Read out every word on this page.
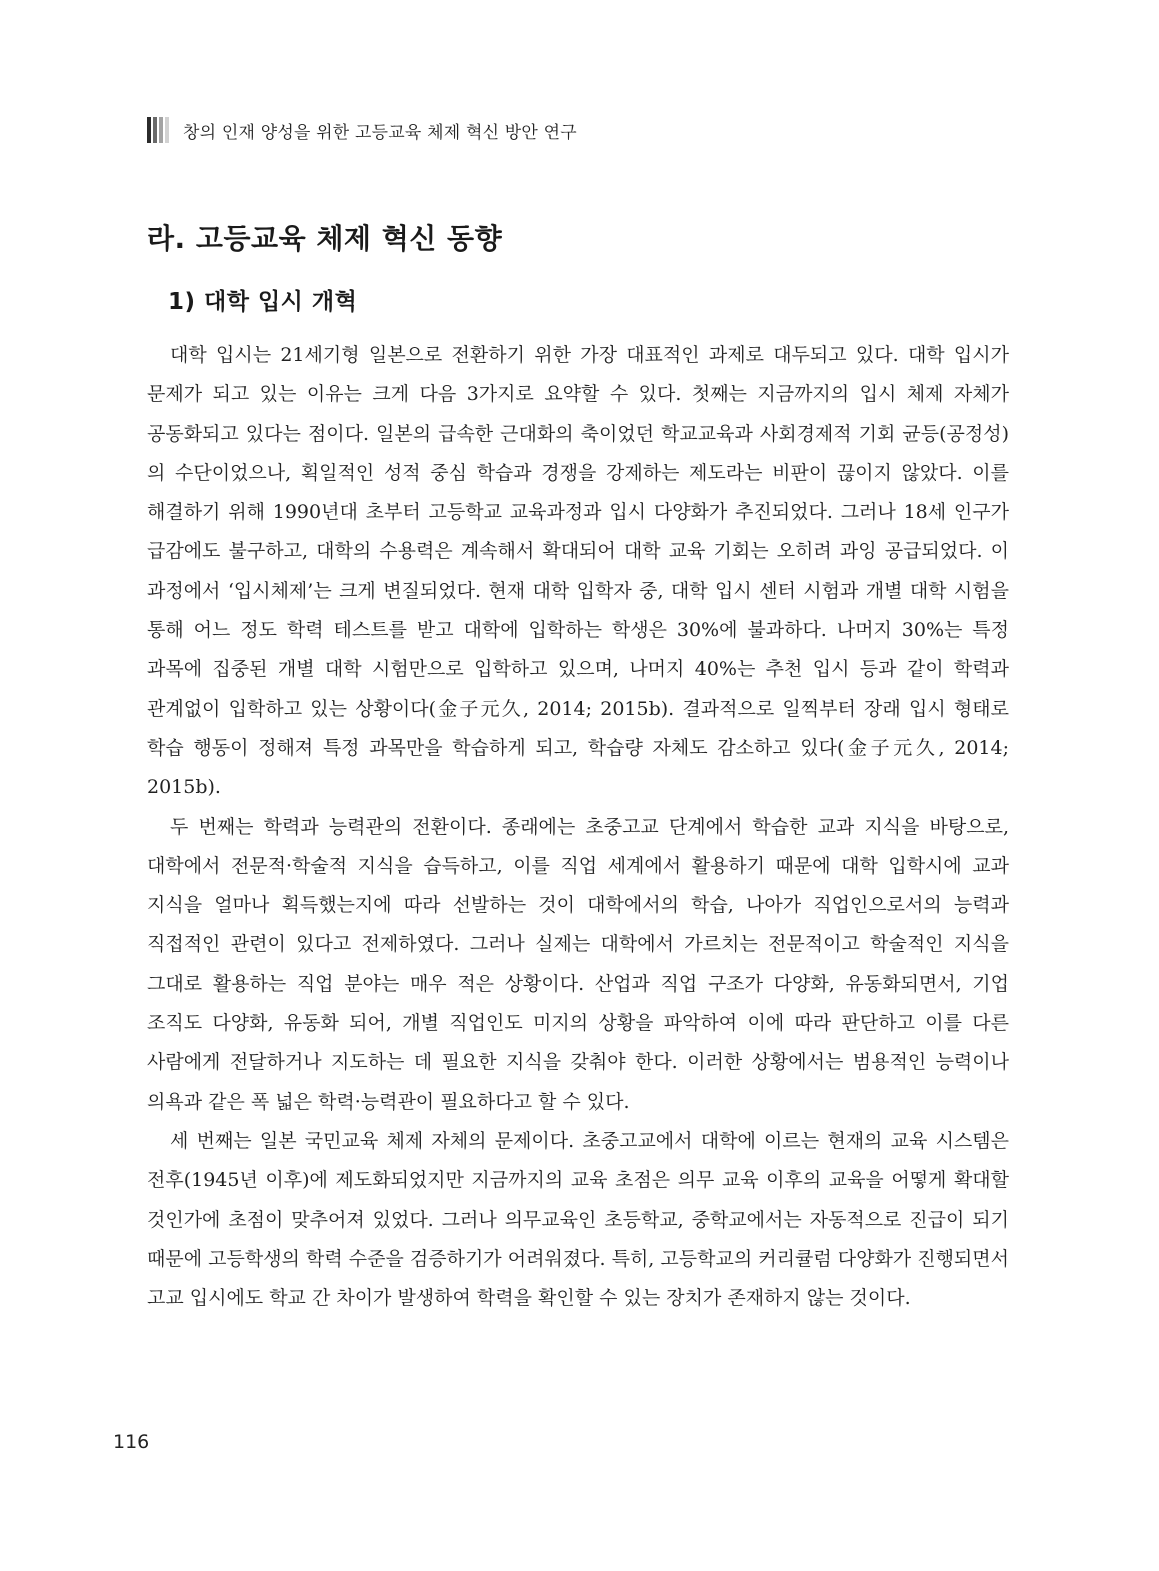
창의 인재 양성을 위한 고등교육 체제 혁신 방안 연구
라. 고등교육 체제 혁신 동향
1) 대학 입시 개혁

대학 입시는 21세기형 일본으로 전환하기 위한 가장 대표적인 과제로 대두되고 있다. 대학 입시가 문제가 되고 있는 이유는 크게 다음 3가지로 요약할 수 있다. 첫째는 지금까지의 입시 체제 자체가 공동화되고 있다는 점이다. 일본의 급속한 근대화의 축이었던 학교교육과 사회경제적 기회 균등(공정성)의 수단이었으나, 획일적인 성적 중심 학습과 경쟁을 강제하는 제도라는 비판이 끊이지 않았다. 이를 해결하기 위해 1990년대 초부터 고등학교 교육과정과 입시 다양화가 추진되었다. 그러나 18세 인구가 급감에도 불구하고, 대학의 수용력은 계속해서 확대되어 대학 교육 기회는 오히려 과잉 공급되었다. 이 과정에서 ‘입시체제’는 크게 변질되었다. 현재 대학 입학자 중, 대학 입시 센터 시험과 개별 대학 시험을 통해 어느 정도 학력 테스트를 받고 대학에 입학하는 학생은 30%에 불과하다. 나머지 30%는 특정 과목에 집중된 개별 대학 시험만으로 입학하고 있으며, 나머지 40%는 추천 입시 등과 같이 학력과 관계없이 입학하고 있는 상황이다(金子元久, 2014; 2015b). 결과적으로 일찍부터 장래 입시 형태로 학습 행동이 정해져 특정 과목만을 학습하게 되고, 학습량 자체도 감소하고 있다(金子元久, 2014; 2015b).

두 번째는 학력과 능력관의 전환이다. 종래에는 초중고교 단계에서 학습한 교과 지식을 바탕으로, 대학에서 전문적·학술적 지식을 습득하고, 이를 직업 세계에서 활용하기 때문에 대학 입학시에 교과 지식을 얼마나 획득했는지에 따라 선발하는 것이 대학에서의 학습, 나아가 직업인으로서의 능력과 직접적인 관련이 있다고 전제하였다. 그러나 실제는 대학에서 가르치는 전문적이고 학술적인 지식을 그대로 활용하는 직업 분야는 매우 적은 상황이다. 산업과 직업 구조가 다양화, 유동화되면서, 기업 조직도 다양화, 유동화 되어, 개별 직업인도 미지의 상황을 파악하여 이에 따라 판단하고 이를 다른 사람에게 전달하거나 지도하는 데 필요한 지식을 갖춰야 한다. 이러한 상황에서는 범용적인 능력이나 의욕과 같은 폭 넓은 학력·능력관이 필요하다고 할 수 있다.

세 번째는 일본 국민교육 체제 자체의 문제이다. 초중고교에서 대학에 이르는 현재의 교육 시스템은 전후(1945년 이후)에 제도화되었지만 지금까지의 교육 초점은 의무 교육 이후의 교육을 어떻게 확대할 것인가에 초점이 맞추어져 있었다. 그러나 의무교육인 초등학교, 중학교에서는 자동적으로 진급이 되기 때문에 고등학생의 학력 수준을 검증하기가 어려워졌다. 특히, 고등학교의 커리큘럼 다양화가 진행되면서 고교 입시에도 학교 간 차이가 발생하여 학력을 확인할 수 있는 장치가 존재하지 않는 것이다.

116
